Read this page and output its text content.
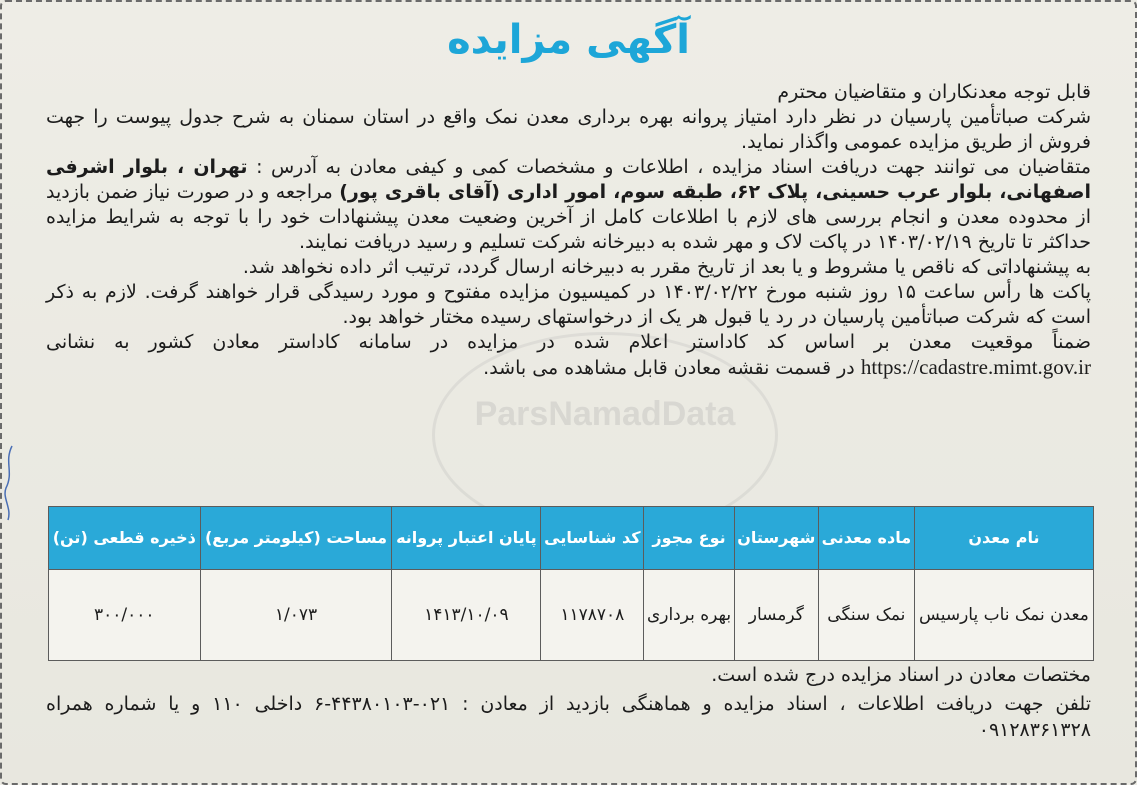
ParsNamadData
آگهی مزایده

قابل توجه معدنکاران و متقاضیان محترم

شرکت صبا‌تأمین پارسیان در نظر دارد امتیاز پروانه بهره برداری معدن نمک واقع در استان سمنان به شرح جدول پیوست را جهت فروش از طریق مزایده عمومی واگذار نماید.

متقاضیان می توانند جهت دریافت اسناد مزایده ، اطلاعات و مشخصات کمی و کیفی معادن به آدرس : تهران ، بلوار اشرفی اصفهانی، بلوار عرب حسینی، پلاک ۶۲، طبقه سوم، امور اداری (آقای باقری پور) مراجعه و در صورت نیاز ضمن بازدید از محدوده معدن و انجام بررسی های لازم با اطلاعات کامل از آخرین وضعیت معدن پیشنهادات خود را با توجه به شرایط مزایده حداکثر تا تاریخ ۱۴۰۳/۰۲/۱۹ در پاکت لاک و مهر شده به دبیرخانه شرکت تسلیم و رسید دریافت نمایند.

به پیشنهاداتی که ناقص یا مشروط و یا بعد از تاریخ مقرر به دبیرخانه ارسال گردد، ترتیب اثر داده نخواهد شد.

پاکت ها رأس ساعت ۱۵ روز شنبه مورخ ۱۴۰۳/۰۲/۲۲ در کمیسیون مزایده مفتوح و مورد رسیدگی قرار خواهند گرفت. لازم به ذکر است که شرکت صبا‌تأمین پارسیان در رد یا قبول هر یک از درخواستهای رسیده مختار خواهد بود.

ضمناً موقعیت معدن بر اساس کد کاداستر اعلام شده در مزایده در سامانه کاداستر معادن کشور به نشانی https://cadastre.mimt.gov.ir در قسمت نقشه معادن قابل مشاهده می باشد.

نام معدن	ماده معدنی	شهرستان	نوع مجوز	کد شناسایی	پایان اعتبار پروانه	مساحت (کیلومتر مربع)	ذخیره قطعی (تن)
معدن نمک ناب پارسیس	نمک سنگی	گرمسار	بهره برداری	۱۱۷۸۷۰۸	۱۴۱۳/۱۰/۰۹	۱/۰۷۳	۳۰۰/۰۰۰

مختصات معادن در اسناد مزایده درج شده است.

تلفن جهت دریافت اطلاعات ، اسناد مزایده و هماهنگی بازدید از معادن : ۰۲۱-۴۴۳۸۰۱۰۳-۶ داخلی ۱۱۰ و یا شماره همراه ۰۹۱۲۸۳۶۱۳۲۸
